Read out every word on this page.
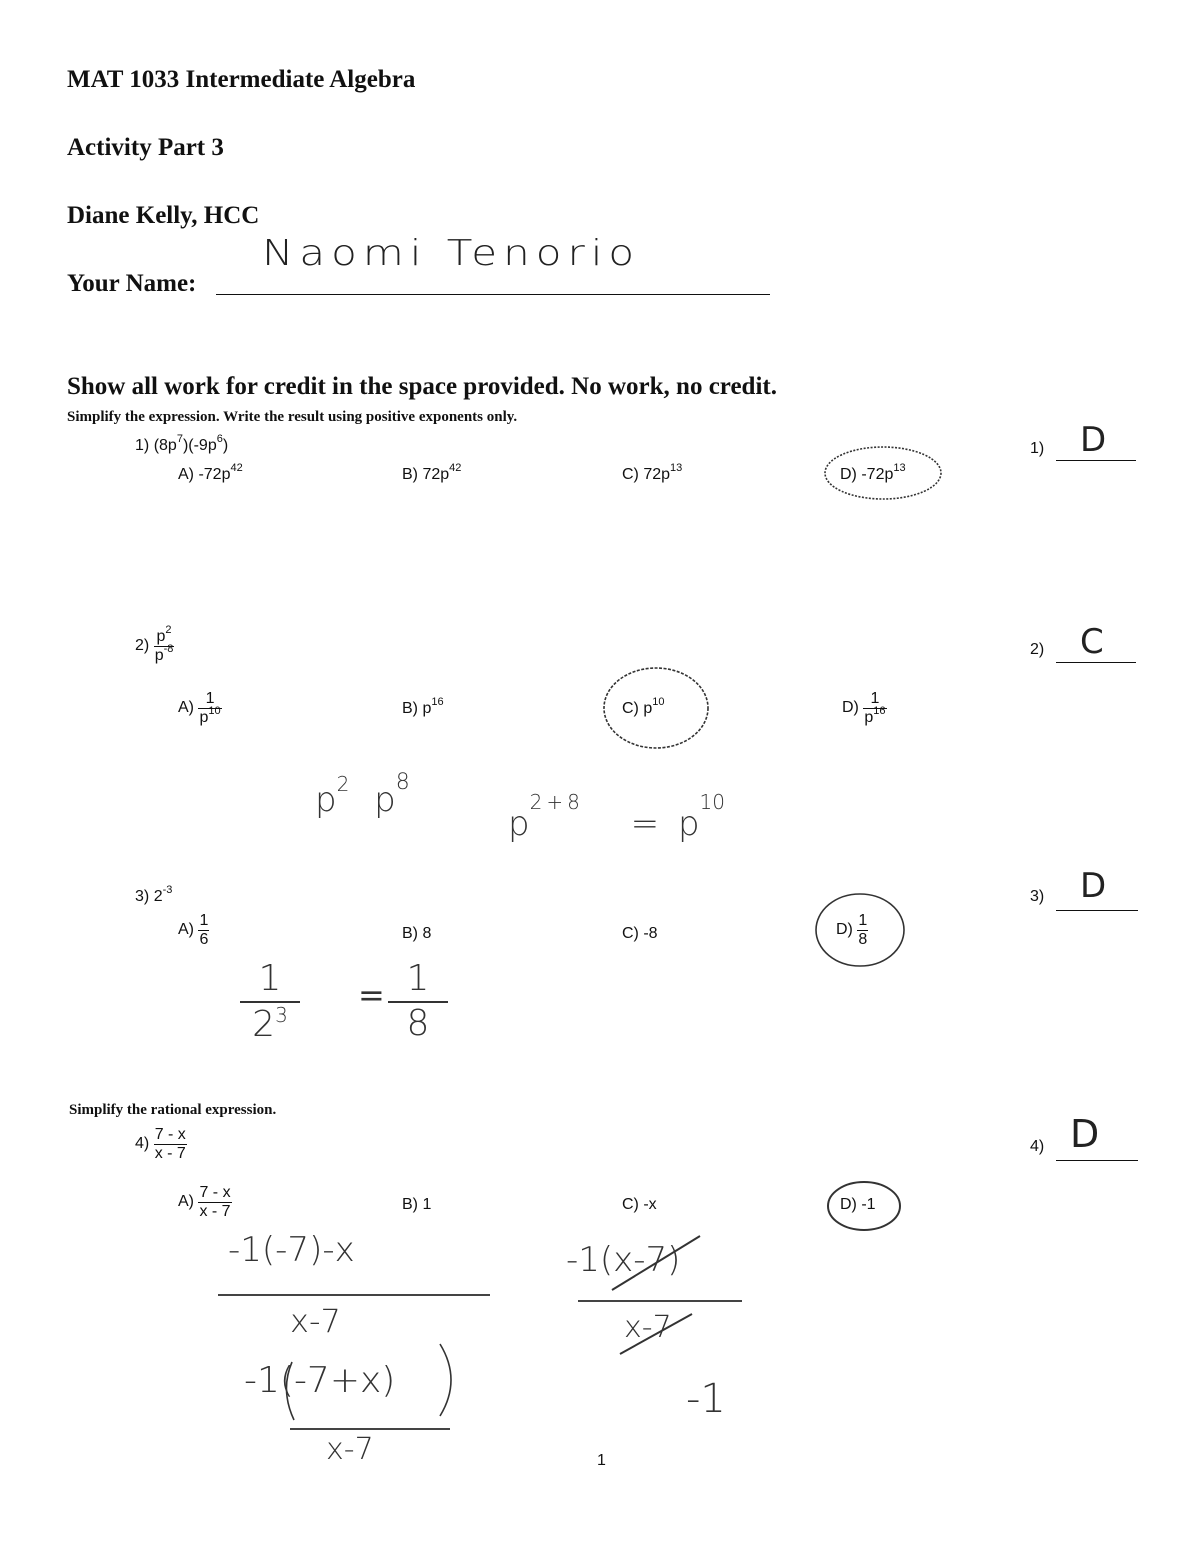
MAT 1033 Intermediate Algebra
Activity Part 3
Diane Kelly, HCC
Your Name:
Naomi Tenorio
Show all work for credit in the space provided. No work, no credit.
Simplify the expression. Write the result using positive exponents only.
1) $(8p^7)(-9p^6)$
A) $-72p^{42}$	B) $72p^{42}$	C) $72p^{13}$	D) $-72p^{13}$
1) D
$2) \frac{p^2}{p^{-8}}$
$A) \frac{1}{p^{10}}$	B) $p^{16}$	C) $p^{10}$	$D) \frac{1}{p^{16}}$
2) C
$p^2$ $p^8$
$p^{2+8} = p^{10}$
3) $2^{-3}$
$A) \frac{1}{6}$	B) 8	C) -8	$D) \frac{1}{8}$
3) D
1
$2^3$
= 1
8
Simplify the rational expression.
$4) \frac{7 - x}{x - 7}$
$A) \frac{7 - x}{x - 7}$	B) 1	C) -x	D) -1
4) D
-1(-7)-x
x-7
-1(-7+x)
x-7
-1(x-7)
x-7
-1
1
